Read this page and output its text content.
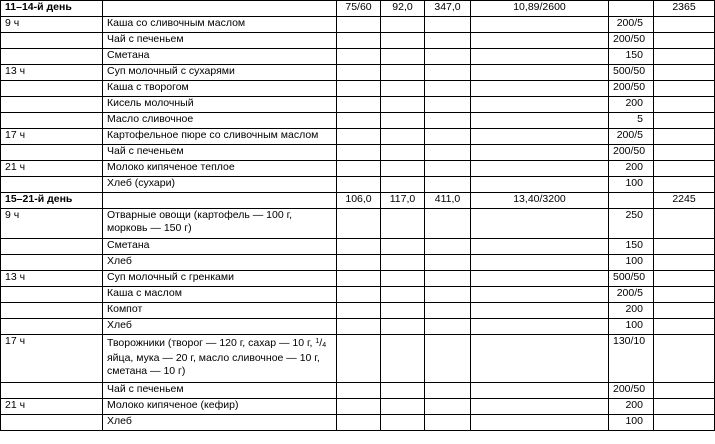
11–14-й день		75/60	92,0	347,0	10,89/2600		2365
9 ч	Каша со сливочным маслом					200/5	
	Чай с печеньем					200/50	
	Сметана					150	
13 ч	Суп молочный с сухарями					500/50	
	Каша с творогом					200/50	
	Кисель молочный					200	
	Масло сливочное					5	
17 ч	Картофельное пюре со сливочным маслом					200/5	
	Чай с печеньем					200/50	
21 ч	Молоко кипяченое теплое					200	
	Хлеб (сухари)					100	
15–21-й день		106,0	117,0	411,0	13,40/3200		2245
9 ч	Отварные овощи (картофель — 100 г, морковь — 150 г)					250	
	Сметана					150	
	Хлеб					100	
13 ч	Суп молочный с гренками					500/50	
	Каша с маслом					200/5	
	Компот					200	
	Хлеб					100	
17 ч	Творожники (творог — 120 г, сахар — 10 г, $^1$/4 яйца, мука — 20 г, масло сливочное — 10 г, сметана — 10 г)					130/10	
	Чай с печеньем					200/50	
21 ч	Молоко кипяченое (кефир)					200	
	Хлеб					100	
